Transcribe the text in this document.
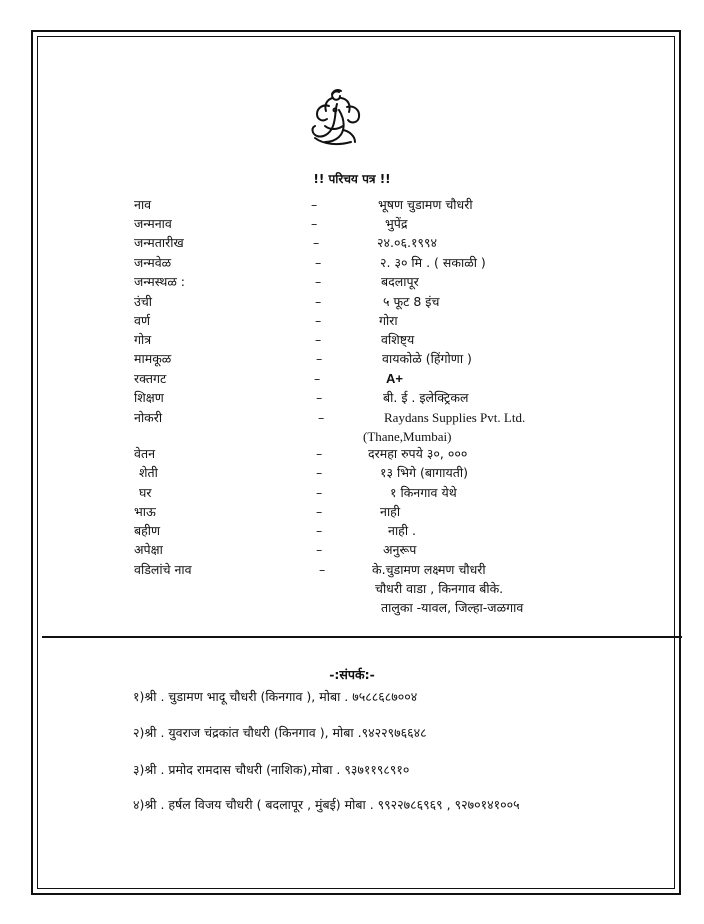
!! परिचय पत्र !!
नाव	–	भूषण चुडामण चौधरी
जन्मनाव	–	भुपेंद्र
जन्मतारीख	–	२४.०६.१९९४
जन्मवेळ	–	२. ३० मि . ( सकाळी )
जन्मस्थळ :	–	बदलापूर
उंची	–	५ फूट 8 इंच
वर्ण	–	गोरा
गोत्र	–	वशिष्ट्य
मामकूळ	–	वायकोळे (हिंगोणा )
रक्तगट	–	A+
शिक्षण	–	बी. ई . इलेक्ट्रिकल
नोकरी	–	Raydans Supplies Pvt. Ltd.
(Thane,Mumbai)
वेतन	–	दरमहा रुपये ३०, ०००
शेती	–	१३ भिगे (बागायती)
घर	–	१ किनगाव येथे
भाऊ	–	नाही
बहीण	–	नाही .
अपेक्षा	–	अनुरूप
वडिलांचे नाव	–	के.चुडामण लक्ष्मण चौधरी
चौधरी वाडा , किनगाव बीके.
तालुका -यावल, जिल्हा-जळगाव
-:संपर्क:-
१)श्री . चुडामण भादू चौधरी (किनगाव ), मोबा . ७५८८६८७००४
२)श्री . युवराज चंद्रकांत चौधरी (किनगाव ), मोबा .९४२२९७६६४८
३)श्री . प्रमोद रामदास चौधरी (नाशिक),मोबा . ९३७११९८९१०
४)श्री . हर्षल विजय चौधरी ( बदलापूर , मुंबई) मोबा . ९९२२७८६९६९ , ९२७०१४१००५
